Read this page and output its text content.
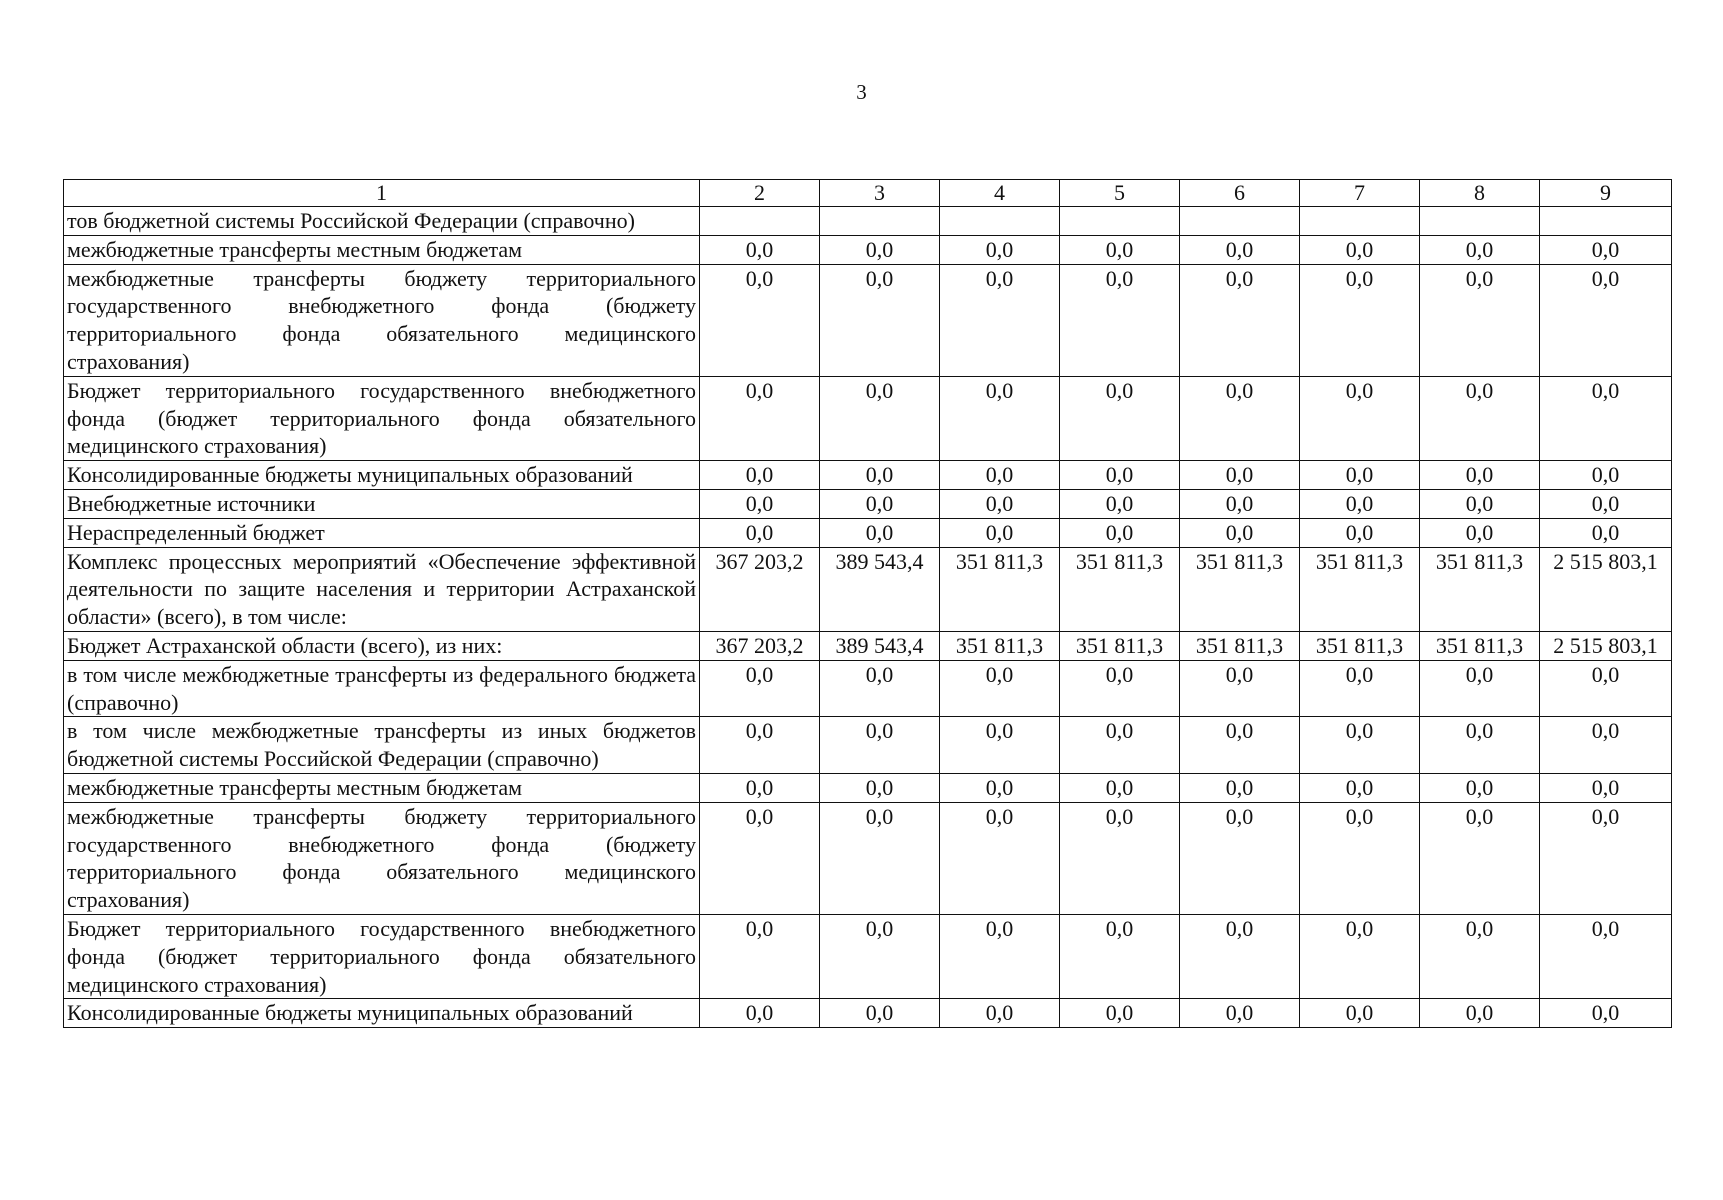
3
1	2	3	4	5	6	7	8	9
тов бюджетной системы Российской Федерации (справочно)								
межбюджетные трансферты местным бюджетам	0,0	0,0	0,0	0,0	0,0	0,0	0,0	0,0
межбюджетные трансферты бюджету территориального государственного внебюджетного фонда (бюджету территориального фонда обязательного медицинского страхования)	0,0	0,0	0,0	0,0	0,0	0,0	0,0	0,0
Бюджет территориального государственного внебюджетного фонда (бюджет территориального фонда обязательного медицинского страхования)	0,0	0,0	0,0	0,0	0,0	0,0	0,0	0,0
Консолидированные бюджеты муниципальных образований	0,0	0,0	0,0	0,0	0,0	0,0	0,0	0,0
Внебюджетные источники	0,0	0,0	0,0	0,0	0,0	0,0	0,0	0,0
Нераспределенный бюджет	0,0	0,0	0,0	0,0	0,0	0,0	0,0	0,0
Комплекс процессных мероприятий «Обеспечение эффективной деятельности по защите населения и территории Астраханской области» (всего), в том числе:	367 203,2	389 543,4	351 811,3	351 811,3	351 811,3	351 811,3	351 811,3	2 515 803,1
Бюджет Астраханской области (всего), из них:	367 203,2	389 543,4	351 811,3	351 811,3	351 811,3	351 811,3	351 811,3	2 515 803,1
в том числе межбюджетные трансферты из федерального бюджета (справочно)	0,0	0,0	0,0	0,0	0,0	0,0	0,0	0,0
в том числе межбюджетные трансферты из иных бюджетов бюджетной системы Российской Федерации (справочно)	0,0	0,0	0,0	0,0	0,0	0,0	0,0	0,0
межбюджетные трансферты местным бюджетам	0,0	0,0	0,0	0,0	0,0	0,0	0,0	0,0
межбюджетные трансферты бюджету территориального государственного внебюджетного фонда (бюджету территориального фонда обязательного медицинского страхования)	0,0	0,0	0,0	0,0	0,0	0,0	0,0	0,0
Бюджет территориального государственного внебюджетного фонда (бюджет территориального фонда обязательного медицинского страхования)	0,0	0,0	0,0	0,0	0,0	0,0	0,0	0,0
Консолидированные бюджеты муниципальных образований	0,0	0,0	0,0	0,0	0,0	0,0	0,0	0,0
